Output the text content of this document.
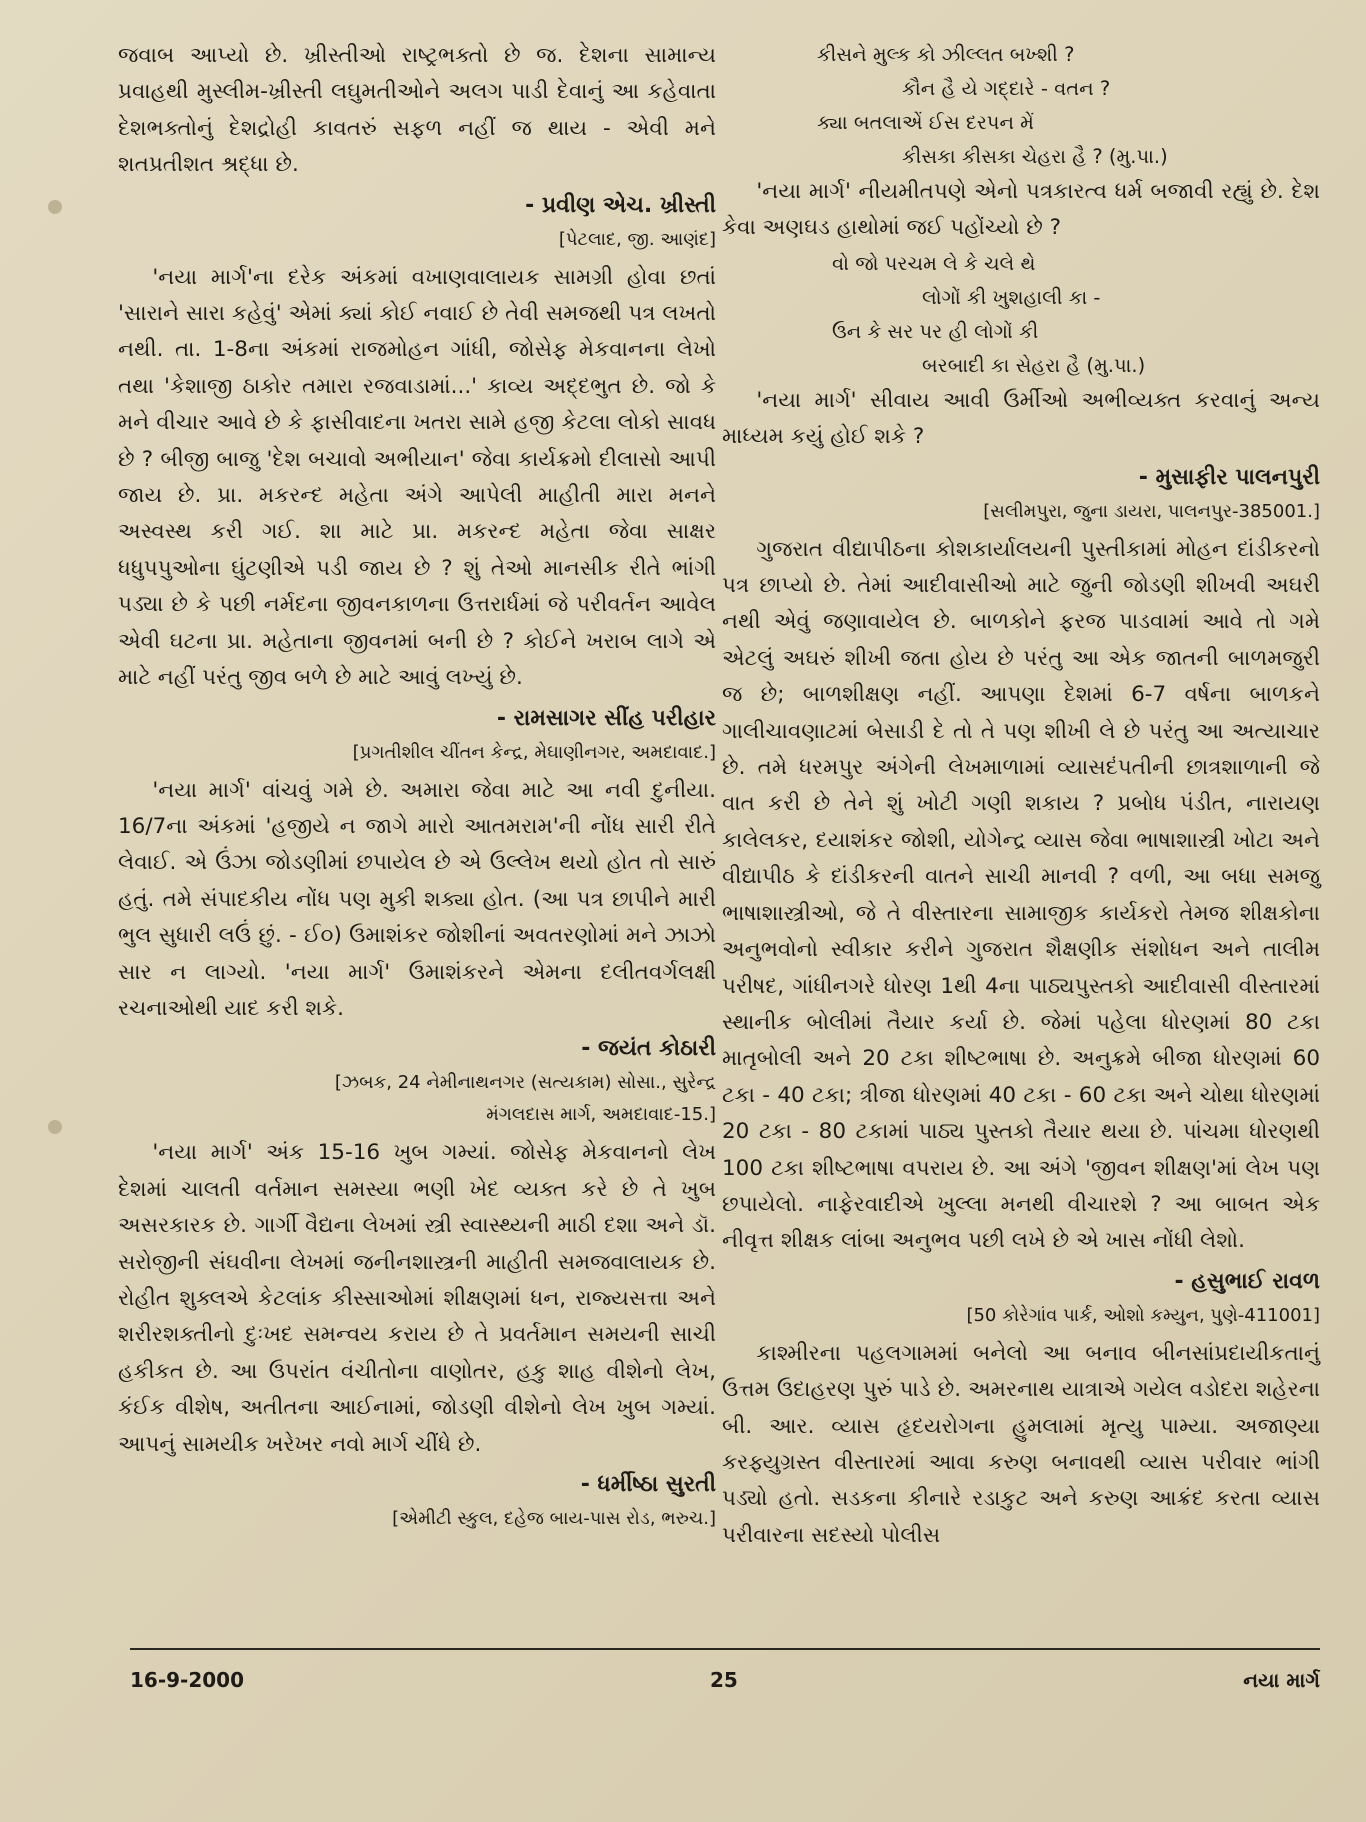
જવાબ આપ્યો છે. ખ્રીસ્તીઓ રાષ્ટ્રભક્તો છે જ. દેશના સામાન્ય પ્રવાહથી મુસ્લીમ-ખ્રીસ્તી લઘુમતીઓને અલગ પાડી દેવાનું આ કહેવાતા દેશભક્તોનું દેશદ્રોહી કાવતરું સફળ નહીં જ થાય - એવી મને શતપ્રતીશત શ્રદ્ધા છે.

- પ્રવીણ એચ. ખ્રીસ્તી

[પેટલાદ, જી. આણંદ]

'નયા માર્ગ'ના દરેક અંકમાં વખાણવાલાયક સામગ્રી હોવા છતાં 'સારાને સારા કહેવું' એમાં ક્યાં કોઈ નવાઈ છે તેવી સમજથી પત્ર લખતો નથી. તા. 1-8ના અંકમાં રાજમોહન ગાંધી, જોસેફ મેકવાનના લેખો તથા 'કેશાજી ઠાકોર તમારા રજવાડામાં...' કાવ્ય અદ્દભુત છે. જો કે મને વીચાર આવે છે કે ફાસીવાદના ખતરા સામે હજી કેટલા લોકો સાવધ છે ? બીજી બાજુ 'દેશ બચાવો અભીયાન' જેવા કાર્યક્રમો દીલાસો આપી જાય છે. પ્રા. મકરન્દ મહેતા અંગે આપેલી માહીતી મારા મનને અસ્વસ્થ કરી ગઈ. શા માટે પ્રા. મકરન્દ મહેતા જેવા સાક્ષર ધધુપપુઓના ઘુંટણીએ પડી જાય છે ? શું તેઓ માનસીક રીતે ભાંગી પડ્યા છે કે પછી નર્મદના જીવનકાળના ઉત્તરાર્ધમાં જે પરીવર્તન આવેલ એવી ઘટના પ્રા. મહેતાના જીવનમાં બની છે ? કોઈને ખરાબ લાગે એ માટે નહીં પરંતુ જીવ બળે છે માટે આવું લખ્યું છે.

- રામસાગર સીંહ પરીહાર

[પ્રગતીશીલ ચીંતન કેન્દ્ર, મેઘાણીનગર, અમદાવાદ.]

'નયા માર્ગ' વાંચવું ગમે છે. અમારા જેવા માટે આ નવી દુનીયા. 16/7ના અંકમાં 'હજીયે ન જાગે મારો આતમરામ'ની નોંધ સારી રીતે લેવાઈ. એ ઉંઝા જોડણીમાં છપાયેલ છે એ ઉલ્લેખ થયો હોત તો સારું હતું. તમે સંપાદકીય નોંધ પણ મુકી શક્યા હોત. (આ પત્ર છાપીને મારી ભુલ સુધારી લઉં છું. - ઈ૦) ઉમાશંકર જોશીનાં અવતરણોમાં મને ઝાઝો સાર ન લાગ્યો. 'નયા માર્ગ' ઉમાશંકરને એમના દલીતવર્ગલક્ષી રચનાઓથી યાદ કરી શકે.

- જયંત કોઠારી

[ઝબક, 24 નેમીનાથનગર (સત્યકામ) સોસા., સુરેન્દ્ર

મંગલદાસ માર્ગ, અમદાવાદ-15.]

'નયા માર્ગ' અંક 15-16 ખુબ ગમ્યાં. જોસેફ મેકવાનનો લેખ દેશમાં ચાલતી વર્તમાન સમસ્યા ભણી ખેદ વ્યક્ત કરે છે તે ખુબ અસરકારક છે. ગાર્ગી વૈદ્યના લેખમાં સ્ત્રી સ્વાસ્થ્યની માઠી દશા અને ડૉ. સરોજીની સંઘવીના લેખમાં જનીનશાસ્ત્રની માહીતી સમજવાલાયક છે. રોહીત શુક્લએ કેટલાંક કીસ્સાઓમાં શીક્ષણમાં ધન, રાજ્યસત્તા અને શરીરશક્તીનો દુઃખદ સમન્વય કરાય છે તે પ્રવર્તમાન સમયની સાચી હકીકત છે. આ ઉપરાંત વંચીતોના વાણોતર, હકુ શાહ વીશેનો લેખ, કંઈક વીશેષ, અતીતના આઈનામાં, જોડણી વીશેનો લેખ ખુબ ગમ્યાં. આપનું સામયીક ખરેખર નવો માર્ગ ચીંધે છે.

- ધર્મીષ્ઠા સુરતી

[એમીટી સ્કુલ, દહેજ બાય-પાસ રોડ, ભરુચ.]

કીસને મુલ્ક કો ઝીલ્લત બખ્શી ?
કૌન હૈ યે ગદ્દારે - વતન ?
ક્યા બતલાએં ઈસ દરપન મેં
કીસકા કીસકા ચેહરા હૈ ? (મુ.પા.)

'નયા માર્ગ' નીયમીતપણે એનો પત્રકારત્વ ધર્મ બજાવી રહ્યું છે. દેશ કેવા અણઘડ હાથોમાં જઈ પહોંચ્યો છે ?

વો જો પરચમ લે કે ચલે થે
લોગોં કી ખુશહાલી કા -
ઉન કે સર પર હી લોગોં કી
બરબાદી કા સેહરા હૈ (મુ.પા.)

'નયા માર્ગ' સીવાય આવી ઉર્મીઓ અભીવ્યક્ત કરવાનું અન્ય માધ્યમ કયું હોઈ શકે ?

- મુસાફીર પાલનપુરી

[સલીમપુરા, જુના ડાયરા, પાલનપુર-385001.]

ગુજરાત વીદ્યાપીઠના કોશકાર્યાલયની પુસ્તીકામાં મોહન દાંડીકરનો પત્ર છાપ્યો છે. તેમાં આદીવાસીઓ માટે જુની જોડણી શીખવી અઘરી નથી એવું જણાવાયેલ છે. બાળકોને ફરજ પાડવામાં આવે તો ગમે એટલું અઘરું શીખી જતા હોય છે પરંતુ આ એક જાતની બાળમજુરી જ છે; બાળશીક્ષણ નહીં. આપણા દેશમાં 6-7 વર્ષના બાળકને ગાલીચાવણાટમાં બેસાડી દે તો તે પણ શીખી લે છે પરંતુ આ અત્યાચાર છે. તમે ધરમપુર અંગેની લેખમાળામાં વ્યાસદંપતીની છાત્રશાળાની જે વાત કરી છે તેને શું ખોટી ગણી શકાય ? પ્રબોધ પંડીત, નારાયણ કાલેલકર, દયાશંકર જોશી, યોગેન્દ્ર વ્યાસ જેવા ભાષાશાસ્ત્રી ખોટા અને વીદ્યાપીઠ કે દાંડીકરની વાતને સાચી માનવી ? વળી, આ બધા સમજુ ભાષાશાસ્ત્રીઓ, જે તે વીસ્તારના સામાજીક કાર્યકરો તેમજ શીક્ષકોના અનુભવોનો સ્વીકાર કરીને ગુજરાત શૈક્ષણીક સંશોધન અને તાલીમ પરીષદ, ગાંધીનગરે ધોરણ 1થી 4ના પાઠ્યપુસ્તકો આદીવાસી વીસ્તારમાં સ્થાનીક બોલીમાં તૈયાર કર્યા છે. જેમાં પહેલા ધોરણમાં 80 ટકા માતૃબોલી અને 20 ટકા શીષ્ટભાષા છે. અનુક્રમે બીજા ધોરણમાં 60 ટકા - 40 ટકા; ત્રીજા ધોરણમાં 40 ટકા - 60 ટકા અને ચોથા ધોરણમાં 20 ટકા - 80 ટકામાં પાઠ્ય પુસ્તકો તૈયાર થયા છે. પાંચમા ધોરણથી 100 ટકા શીષ્ટભાષા વપરાય છે. આ અંગે 'જીવન શીક્ષણ'માં લેખ પણ છપાયેલો. નાફેરવાદીએ ખુલ્લા મનથી વીચારશે ? આ બાબત એક નીવૃત્ત શીક્ષક લાંબા અનુભવ પછી લખે છે એ ખાસ નોંધી લેશો.

- હસુભાઈ રાવળ

[50 કોરેગાંવ પાર્ક, ઓશો કમ્યુન, પુણે-411001]

કાશ્મીરના પહલગામમાં બનેલો આ બનાવ બીનસાંપ્રદાયીકતાનું ઉત્તમ ઉદાહરણ પુરું પાડે છે. અમરનાથ યાત્રાએ ગયેલ વડોદરા શહેરના બી. આર. વ્યાસ હૃદયરોગના હુમલામાં મૃત્યુ પામ્યા. અજાણ્યા કરફ્યુગ્રસ્ત વીસ્તારમાં આવા કરુણ બનાવથી વ્યાસ પરીવાર ભાંગી પડ્યો હતો. સડકના કીનારે રડાકુટ અને કરુણ આક્રંદ કરતા વ્યાસ પરીવારના સદસ્યો પોલીસ

16-9-2000	25	નયા માર્ગ
